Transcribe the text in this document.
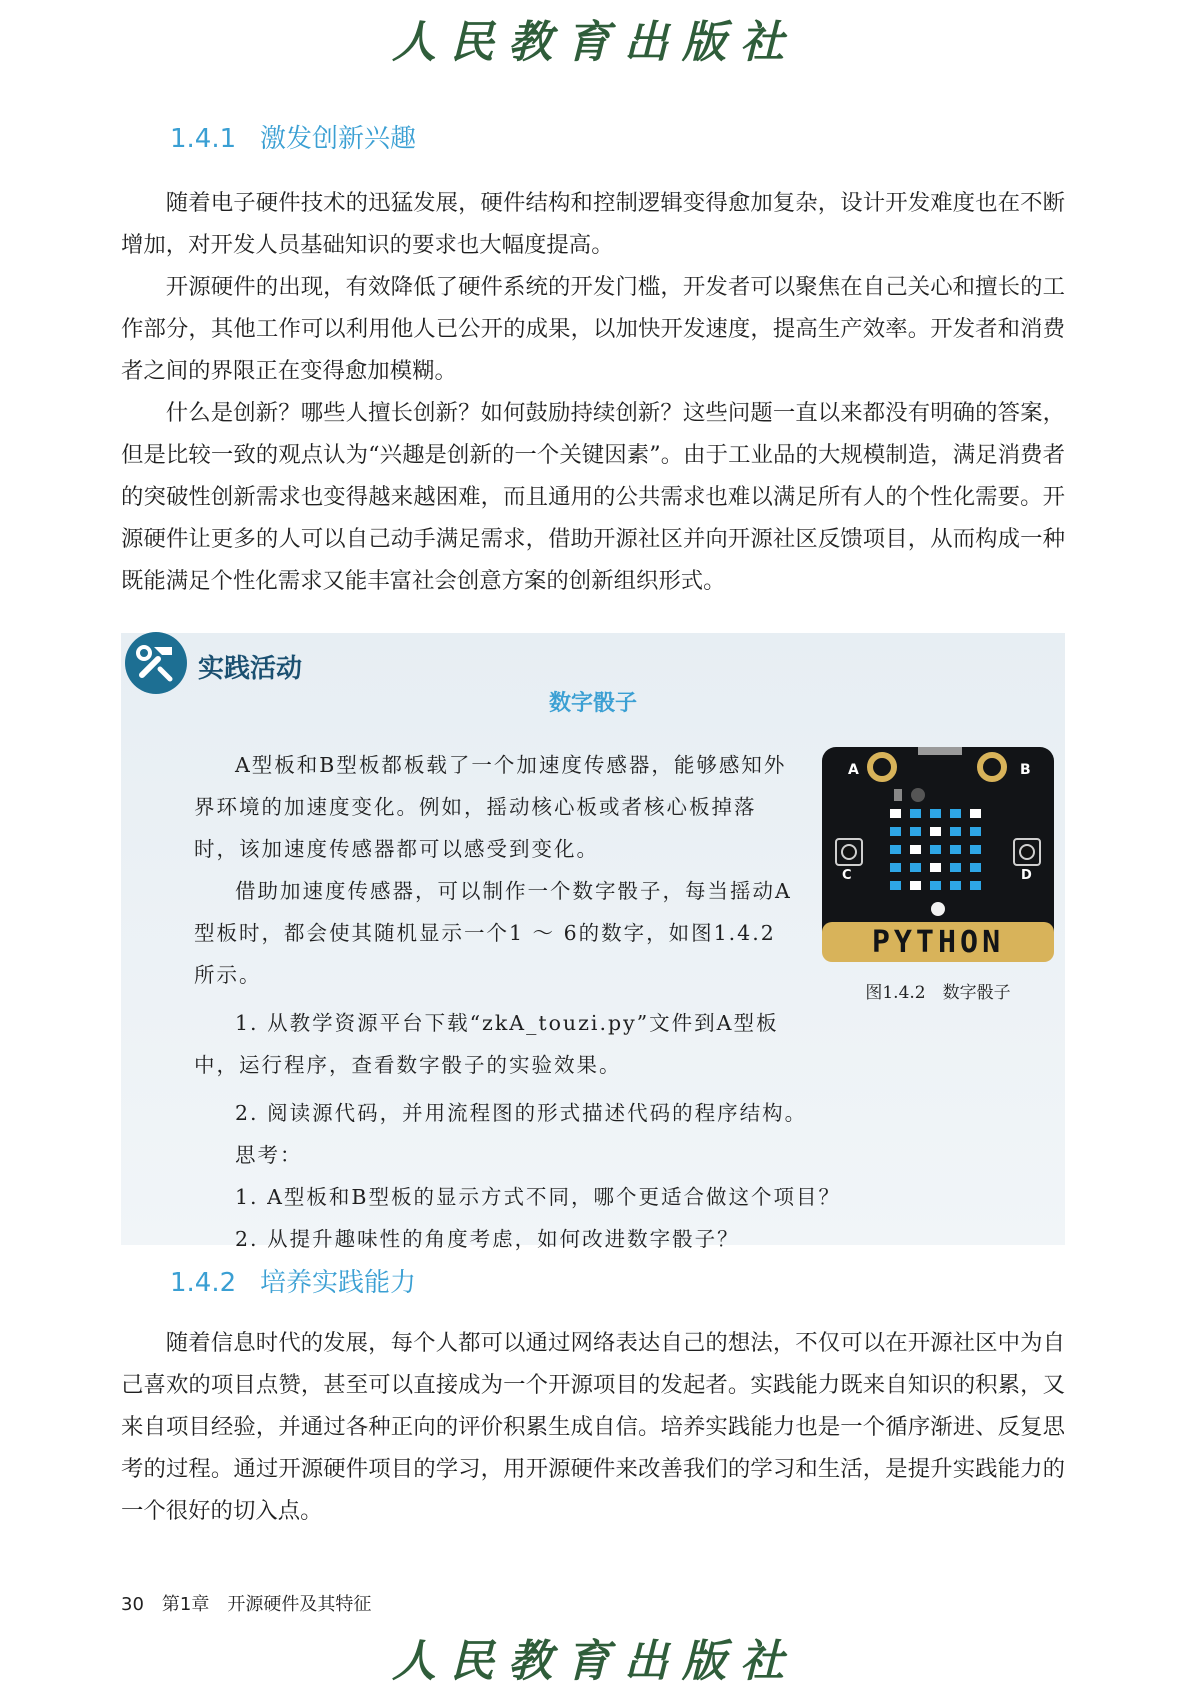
人民教育出版社
1.4.1 激发创新兴趣

随着电子硬件技术的迅猛发展，硬件结构和控制逻辑变得愈加复杂，设计开发难度也在不断增加，对开发人员基础知识的要求也大幅度提高。

开源硬件的出现，有效降低了硬件系统的开发门槛，开发者可以聚焦在自己关心和擅长的工作部分，其他工作可以利用他人已公开的成果，以加快开发速度，提高生产效率。开发者和消费者之间的界限正在变得愈加模糊。

什么是创新？哪些人擅长创新？如何鼓励持续创新？这些问题一直以来都没有明确的答案，但是比较一致的观点认为“兴趣是创新的一个关键因素”。由于工业品的大规模制造，满足消费者的突破性创新需求也变得越来越困难，而且通用的公共需求也难以满足所有人的个性化需要。开源硬件让更多的人可以自己动手满足需求，借助开源社区并向开源社区反馈项目，从而构成一种既能满足个性化需求又能丰富社会创意方案的创新组织形式。

实践活动
数字骰子

A型板和B型板都板载了一个加速度传感器，能够感知外界环境的加速度变化。例如，摇动核心板或者核心板掉落时，该加速度传感器都可以感受到变化。

借助加速度传感器，可以制作一个数字骰子，每当摇动A型板时，都会使其随机显示一个1 ～ 6的数字，如图1.4.2所示。

1. 从教学资源平台下载“zkA_touzi.py”文件到A型板中，运行程序，查看数字骰子的实验效果。

2. 阅读源代码，并用流程图的形式描述代码的程序结构。

思考：

1. A型板和B型板的显示方式不同，哪个更适合做这个项目？

2. 从提升趣味性的角度考虑，如何改进数字骰子？

A	B
C	D
PYTHON
图1.4.2　数字骰子
1.4.2 培养实践能力

随着信息时代的发展，每个人都可以通过网络表达自己的想法，不仅可以在开源社区中为自己喜欢的项目点赞，甚至可以直接成为一个开源项目的发起者。实践能力既来自知识的积累，又来自项目经验，并通过各种正向的评价积累生成自信。培养实践能力也是一个循序渐进、反复思考的过程。通过开源硬件项目的学习，用开源硬件来改善我们的学习和生活，是提升实践能力的一个很好的切入点。

30 第1章 开源硬件及其特征
人民教育出版社
